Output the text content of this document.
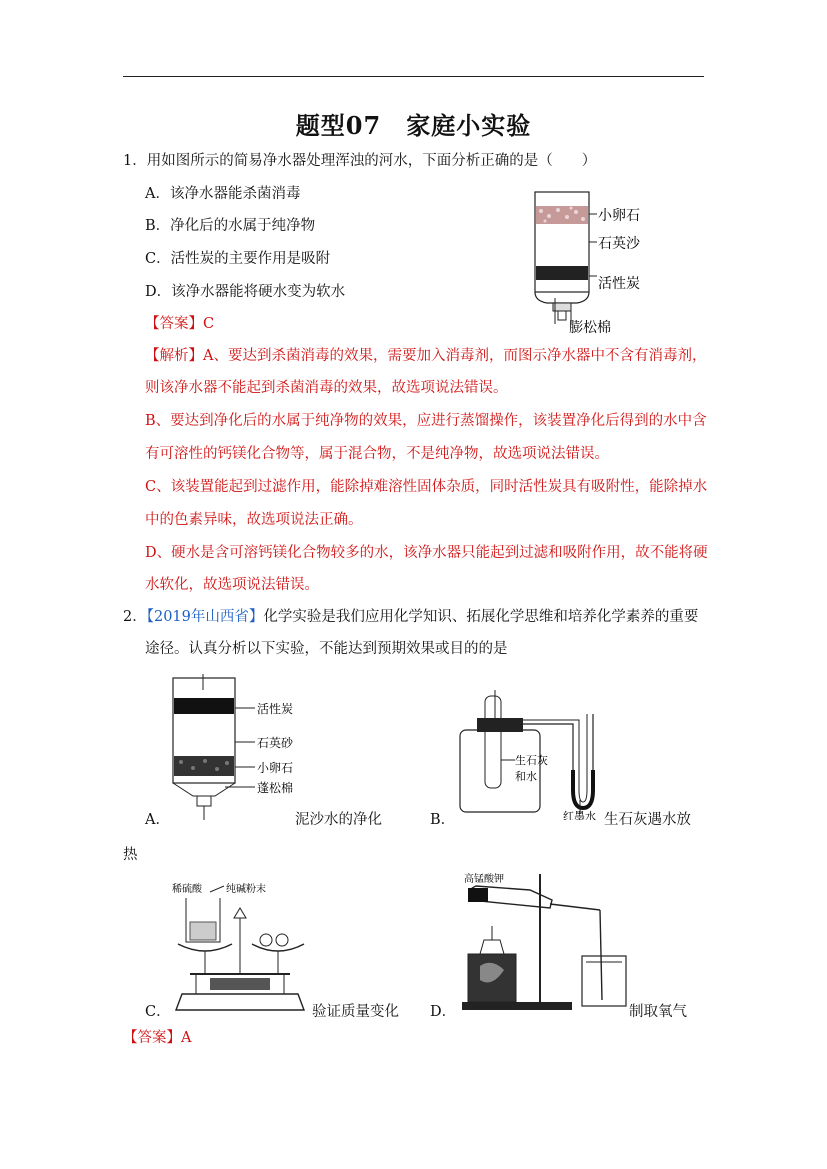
题型07　家庭小实验
1．用如图所示的简易净水器处理浑浊的河水，下面分析正确的是（　　）
A．该净水器能杀菌消毒
B．净化后的水属于纯净物
C．活性炭的主要作用是吸附
D．该净水器能将硬水变为软水
小卵石
石英沙
活性炭
膨松棉
【答案】C
【解析】A、要达到杀菌消毒的效果，需要加入消毒剂，而图示净水器中不含有消毒剂，
则该净水器不能起到杀菌消毒的效果，故选项说法错误。
B、要达到净化后的水属于纯净物的效果，应进行蒸馏操作，该装置净化后得到的水中含
有可溶性的钙镁化合物等，属于混合物，不是纯净物，故选项说法错误。
C、该装置能起到过滤作用，能除掉难溶性固体杂质，同时活性炭具有吸附性，能除掉水
中的色素异味，故选项说法正确。
D、硬水是含可溶钙镁化合物较多的水，该净水器只能起到过滤和吸附作用，故不能将硬
水软化，故选项说法错误。
2．【2019年山西省】化学实验是我们应用化学知识、拓展化学思维和培养化学素养的重要
途径。认真分析以下实验，不能达到预期效果或目的的是
活性炭
石英砂
小卵石
蓬松棉
A．	泥沙水的净化
生石灰
和水
红墨水
B．	生石灰遇水放
热
稀硫酸 纯碱粉末
C．	验证质量变化
高锰酸钾
D．	制取氧气
【答案】A
